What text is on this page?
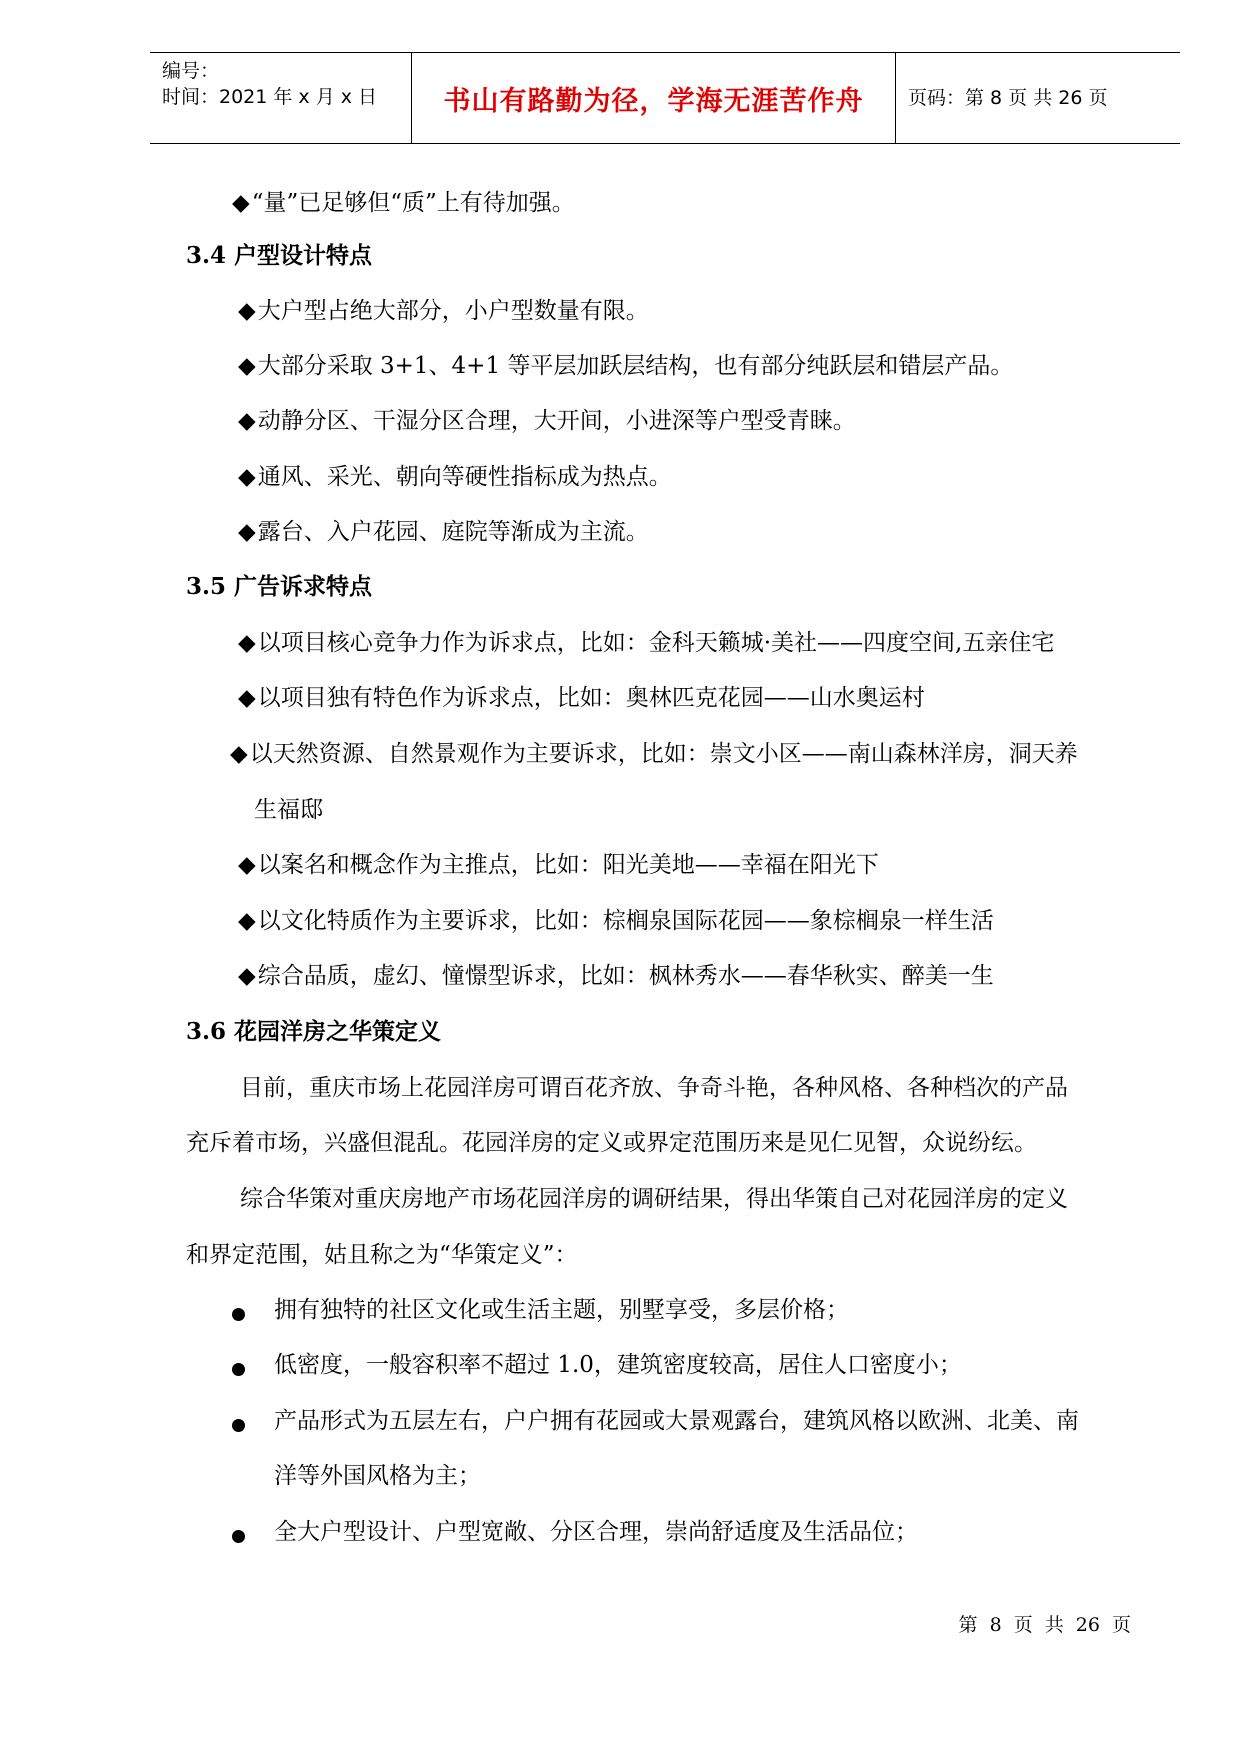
编号：
时间：2021 年 x 月 x 日 书山有路勤为径，学海无涯苦作舟 页码：第 8 页 共 26 页
◆“量”已足够但“质”上有待加强。
3.4 户型设计特点
◆大户型占绝大部分，小户型数量有限。
◆大部分采取 3+1、4+1 等平层加跃层结构，也有部分纯跃层和错层产品。
◆动静分区、干湿分区合理，大开间，小进深等户型受青睐。
◆通风、采光、朝向等硬性指标成为热点。
◆露台、入户花园、庭院等渐成为主流。
3.5 广告诉求特点
◆以项目核心竞争力作为诉求点，比如：金科天籁城·美社——四度空间,五亲住宅
◆以项目独有特色作为诉求点，比如：奥林匹克花园——山水奥运村
◆以天然资源、自然景观作为主要诉求，比如：崇文小区——南山森林洋房，洞天养
生福邸
◆以案名和概念作为主推点，比如：阳光美地——幸福在阳光下
◆以文化特质作为主要诉求，比如：棕榈泉国际花园——象棕榈泉一样生活
◆综合品质，虚幻、憧憬型诉求，比如：枫林秀水——春华秋实、醉美一生
3.6 花园洋房之华策定义
目前，重庆市场上花园洋房可谓百花齐放、争奇斗艳，各种风格、各种档次的产品
充斥着市场，兴盛但混乱。花园洋房的定义或界定范围历来是见仁见智，众说纷纭。
综合华策对重庆房地产市场花园洋房的调研结果，得出华策自己对花园洋房的定义
和界定范围，姑且称之为“华策定义”：
拥有独特的社区文化或生活主题，别墅享受，多层价格；
低密度，一般容积率不超过 1.0，建筑密度较高，居住人口密度小；
产品形式为五层左右，户户拥有花园或大景观露台，建筑风格以欧洲、北美、南
洋等外国风格为主；
全大户型设计、户型宽敞、分区合理，崇尚舒适度及生活品位；
第 8 页 共 26 页
